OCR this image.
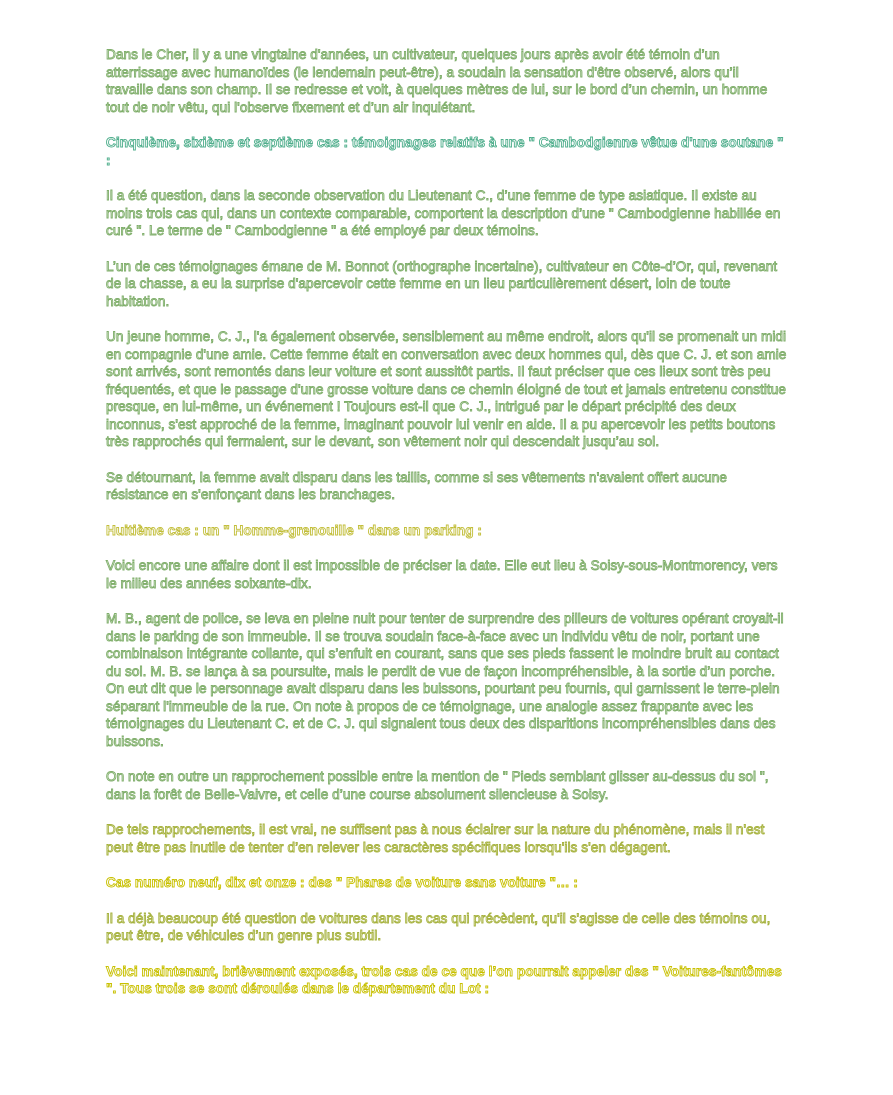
Dans le Cher, il y a une vingtaine d'années, un cultivateur, quelques jours après avoir été témoin d’un atterrissage avec humanoïdes (le lendemain peut-être), a soudain la sensation d'être observé, alors qu’il travaille dans son champ. Il se redresse et voit, à quelques mètres de lui, sur le bord d’un chemin, un homme tout de noir vêtu, qui l'observe fixement et d’un air inquiétant.

Cinquième, sixième et septième cas : témoignages relatifs à une " Cambodgienne vêtue d'une soutane " :

Il a été question, dans la seconde observation du Lieutenant C., d’une femme de type asiatique. Il existe au moins trois cas qui, dans un contexte comparable, comportent la description d’une " Cambodgienne habillée en curé ". Le terme de " Cambodgienne " a été employé par deux témoins.

L’un de ces témoignages émane de M. Bonnot (orthographe incertaine), cultivateur en Côte-d’Or, qui, revenant de la chasse, a eu la surprise d'apercevoir cette femme en un lieu particulièrement désert, loin de toute habitation.

Un jeune homme, C. J., l'a également observée, sensiblement au même endroit, alors qu'il se promenait un midi en compagnie d'une amie. Cette femme était en conversation avec deux hommes qui, dès que C. J. et son amie sont arrivés, sont remontés dans leur voiture et sont aussitôt partis. Il faut préciser que ces lieux sont très peu fréquentés, et que le passage d'une grosse voiture dans ce chemin éloigné de tout et jamais entretenu constitue presque, en lui-même, un événement ! Toujours est-il que C. J., intrigué par le départ précipité des deux inconnus, s'est approché de la femme, imaginant pouvoir lui venir en aide. Il a pu apercevoir les petits boutons très rapprochés qui fermaient, sur le devant, son vêtement noir qui descendait jusqu’au sol.

Se détournant, la femme avait disparu dans les taillis, comme si ses vêtements n'avaient offert aucune résistance en s'enfonçant dans les branchages.

Huitième cas : un " Homme-grenouille " dans un parking :

Voici encore une affaire dont il est impossible de préciser la date. Elle eut lieu à Soisy-sous-Montmorency, vers le milieu des années soixante-dix.

M. B., agent de police, se leva en pleine nuit pour tenter de surprendre des pilleurs de voitures opérant croyait-il dans le parking de son immeuble. Il se trouva soudain face-à-face avec un individu vêtu de noir, portant une combinaison intégrante collante, qui s’enfuit en courant, sans que ses pieds fassent le moindre bruit au contact du sol. M. B. se lança à sa poursuite, mais le perdit de vue de façon incompréhensible, à la sortie d’un porche. On eut dit que le personnage avait disparu dans les buissons, pourtant peu fournis, qui garnissent le terre-plein séparant l'immeuble de la rue. On note à propos de ce témoignage, une analogie assez frappante avec les témoignages du Lieutenant C. et de C. J. qui signalent tous deux des disparitions incompréhensibles dans des buissons.

On note en outre un rapprochement possible entre la mention de " Pieds semblant glisser au-dessus du sol ", dans la forêt de Belle-Vaivre, et celle d’une course absolument silencieuse à Soisy.

De tels rapprochements, il est vrai, ne suffisent pas à nous éclairer sur la nature du phénomène, mais il n'est peut être pas inutile de tenter d’en relever les caractères spécifiques lorsqu'ils s'en dégagent.

Cas numéro neuf, dix et onze : des " Phares de voiture sans voiture "… :

Il a déjà beaucoup été question de voitures dans les cas qui précèdent, qu'il s'agisse de celle des témoins ou, peut être, de véhicules d’un genre plus subtil.

Voici maintenant, brièvement exposés, trois cas de ce que l’on pourrait appeler des " Voitures-fantômes ". Tous trois se sont déroulés dans le département du Lot :
